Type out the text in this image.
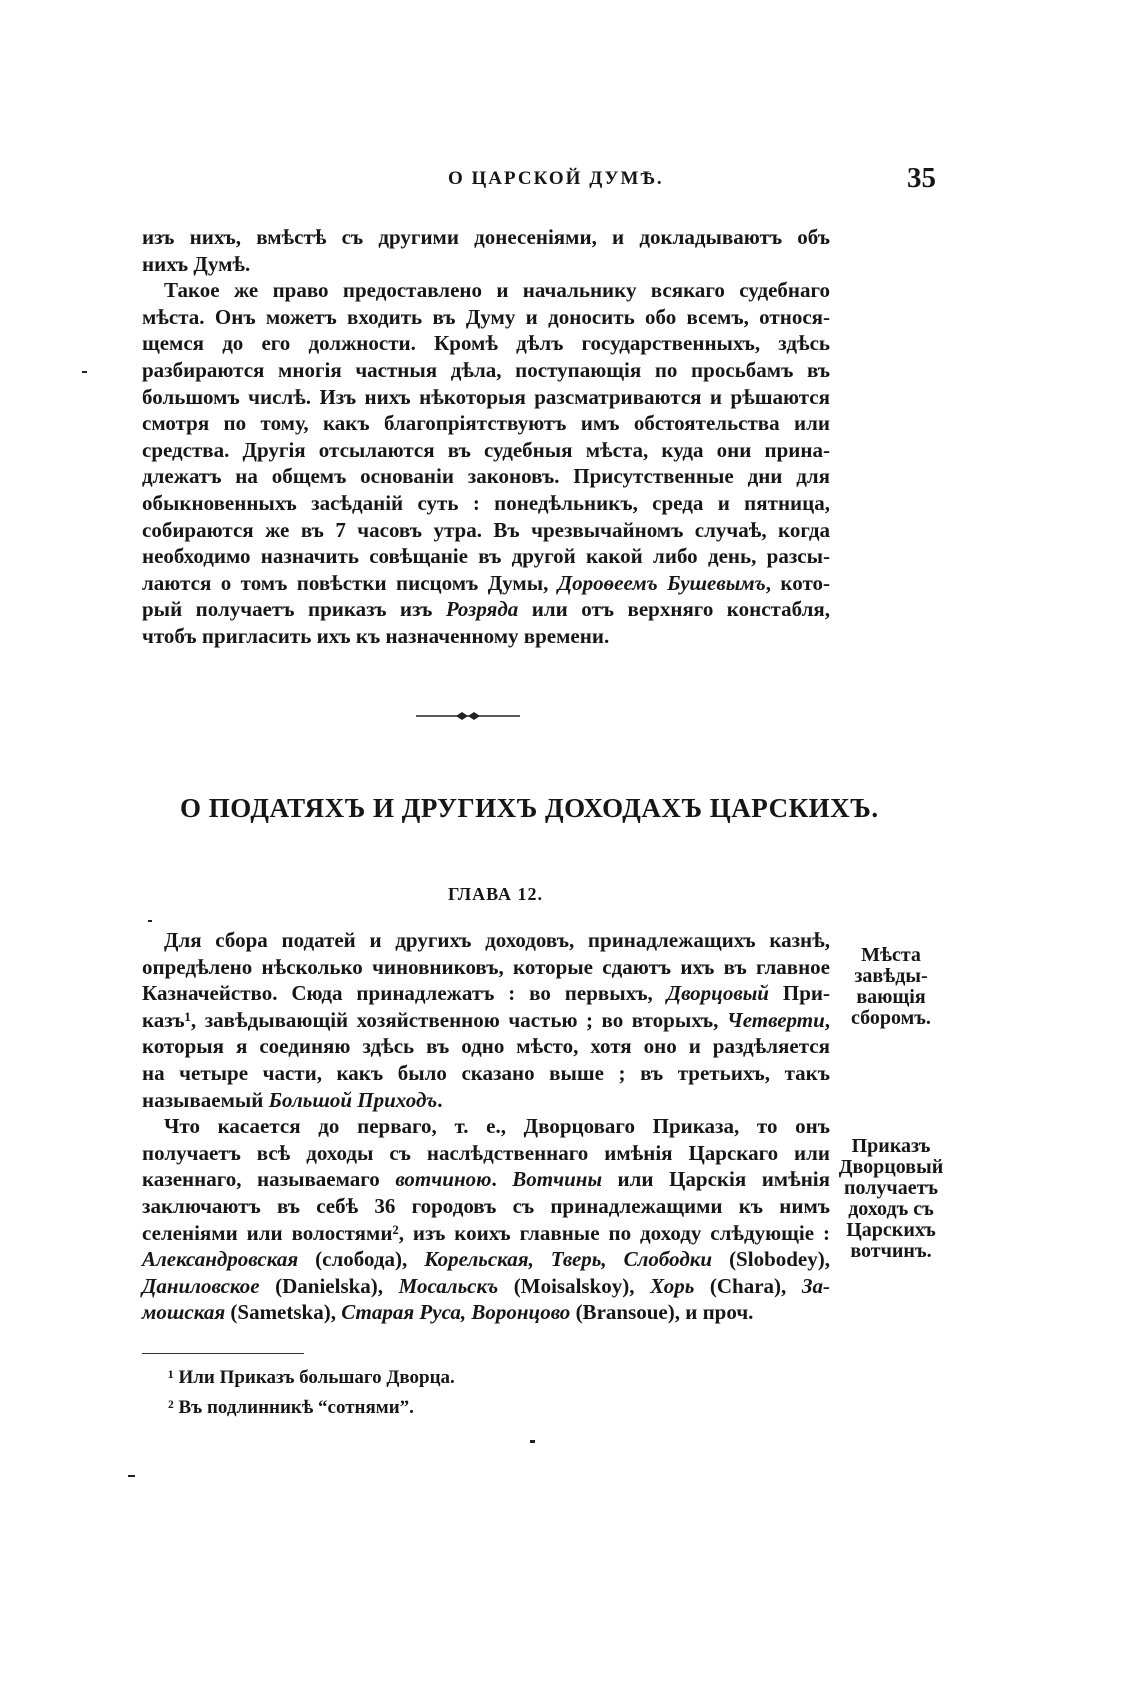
О ЦАРСКОЙ ДУМѢ.	35
изъ нихъ, вмѣстѣ съ другими донесеніями, и докладываютъ объ
нихъ Думѣ.
Такое же право предоставлено и начальнику всякаго судебнаго
мѣста. Онъ можетъ входить въ Думу и доносить обо всемъ, относя-
щемся до его должности. Кромѣ дѣлъ государственныхъ, здѣсь
разбираются многія частныя дѣла, поступающія по просьбамъ въ
большомъ числѣ. Изъ нихъ нѣкоторыя разсматриваются и рѣшаются
смотря по тому, какъ благопріятствуютъ имъ обстоятельства или
средства. Другія отсылаются въ судебныя мѣста, куда они прина-
длежатъ на общемъ основаніи законовъ. Присутственные дни для
обыкновенныхъ засѣданій суть : понедѣльникъ, среда и пятница,
собираются же въ 7 часовъ утра. Въ чрезвычайномъ случаѣ, когда
необходимо назначить совѣщаніе въ другой какой либо день, разсы-
лаются о томъ повѣстки писцомъ Думы, Дороѳеемъ Бушевымъ, кото-
рый получаетъ приказъ изъ Розряда или отъ верхняго констабля,
чтобъ пригласить ихъ къ назначенному времени.
О ПОДАТЯХЪ И ДРУГИХЪ ДОХОДАХЪ ЦАРСКИХЪ.
ГЛАВА 12.
Для сбора податей и другихъ доходовъ, принадлежащихъ казнѣ,
опредѣлено нѣсколько чиновниковъ, которые сдаютъ ихъ въ главное
Казначейство. Сюда принадлежатъ : во первыхъ, Дворцовый При-
казъ¹, завѣдывающій хозяйственною частью ; во вторыхъ, Четверти,
которыя я соединяю здѣсь въ одно мѣсто, хотя оно и раздѣляется
на четыре части, какъ было сказано выше ; въ третьихъ, такъ
называемый Большой Приходъ.
Что касается до перваго, т. е., Дворцоваго Приказа, то онъ
получаетъ всѣ доходы съ наслѣдственнаго имѣнія Царскаго или
казеннаго, называемаго вотчиною. Вотчины или Царскія имѣнія
заключаютъ въ себѣ 36 городовъ съ принадлежащими къ нимъ
селеніями или волостями², изъ коихъ главные по доходу слѣдующіе :
Александровская (слобода), Корельская, Тверь, Слободки (Slobodey),
Даниловское (Danielska), Мосальскъ (Moisalskoy), Хорь (Chara), За-
мошская (Sametska), Старая Руса, Воронцово (Bransoue), и проч.
Мѣста завѣды-вающія сборомъ.
Приказъ Дворцовый получаетъ доходъ съ Царскихъ вотчинъ.
¹ Или Приказъ большаго Дворца.
² Въ подлинникѣ “сотнями”.
